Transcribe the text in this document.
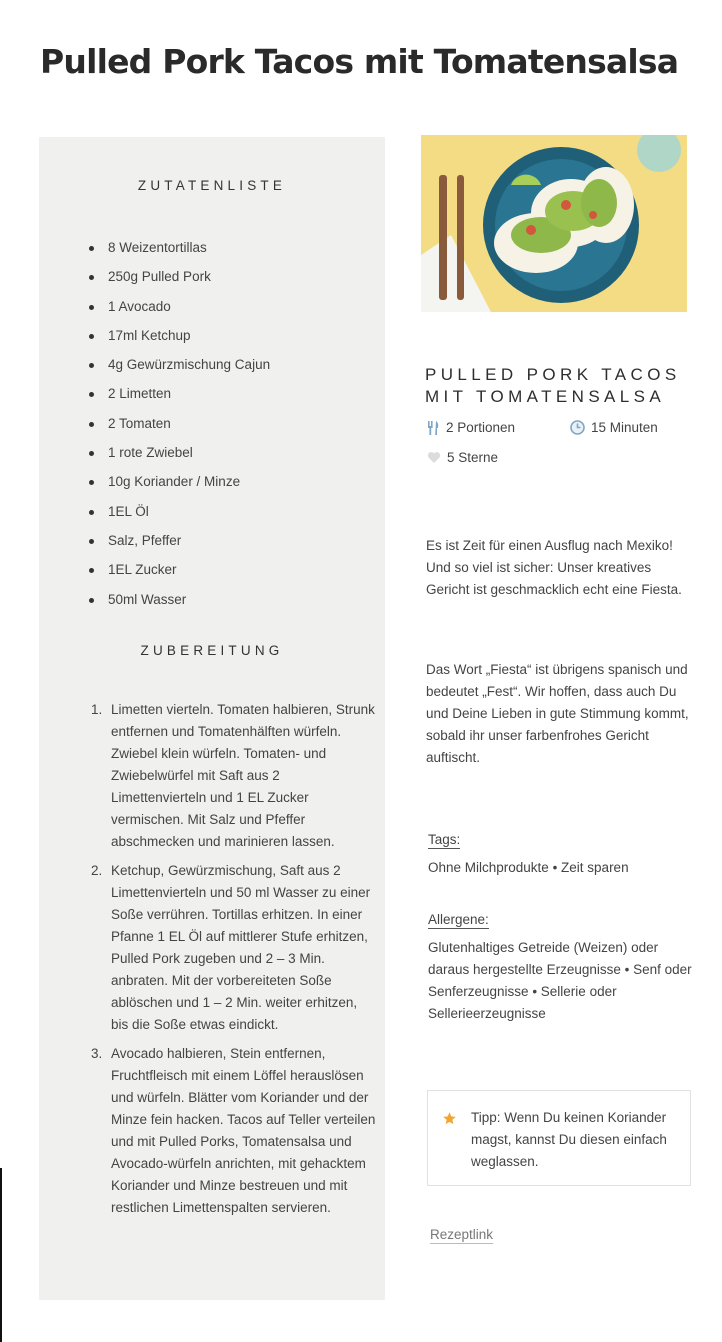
Pulled Pork Tacos mit Tomatensalsa
ZUTATENLISTE
8 Weizentortillas
250g Pulled Pork
1 Avocado
17ml Ketchup
4g Gewürzmischung Cajun
2 Limetten
2 Tomaten
1 rote Zwiebel
10g Koriander / Minze
1EL Öl
Salz, Pfeffer
1EL Zucker
50ml Wasser
ZUBEREITUNG
1. Limetten vierteln. Tomaten halbieren, Strunk entfernen und Tomatenhälften würfeln. Zwiebel klein würfeln. Tomaten- und Zwiebelwürfel mit Saft aus 2 Limettenvierteln und 1 EL Zucker vermischen. Mit Salz und Pfeffer abschmecken und marinieren lassen.
2. Ketchup, Gewürzmischung, Saft aus 2 Limettenvierteln und 50 ml Wasser zu einer Soße verrühren. Tortillas erhitzen. In einer Pfanne 1 EL Öl auf mittlerer Stufe erhitzen, Pulled Pork zugeben und 2 – 3 Min. anbraten. Mit der vorbereiteten Soße ablöschen und 1 – 2 Min. weiter erhitzen, bis die Soße etwas eindickt.
3. Avocado halbieren, Stein entfernen, Fruchtfleisch mit einem Löffel herauslösen und würfeln. Blätter vom Koriander und der Minze fein hacken. Tacos auf Teller verteilen und mit Pulled Porks, Tomatensalsa und Avocado-würfeln anrichten, mit gehacktem Koriander und Minze bestreuen und mit restlichen Limettenspalten servieren.
PULLED PORK TACOS MIT TOMATENSALSA
2 Portionen	15 Minuten
5 Sterne

Es ist Zeit für einen Ausflug nach Mexiko! Und so viel ist sicher: Unser kreatives Gericht ist geschmacklich echt eine Fiesta.

Das Wort „Fiesta“ ist übrigens spanisch und bedeutet „Fest“. Wir hoffen, dass auch Du und Deine Lieben in gute Stimmung kommt, sobald ihr unser farbenfrohes Gericht auftischt.

Tags:

Ohne Milchprodukte • Zeit sparen

Allergene:

Glutenhaltiges Getreide (Weizen) oder daraus hergestellte Erzeugnisse • Senf oder Senferzeugnisse • Sellerie oder Sellerieerzeugnisse

Tipp: Wenn Du keinen Koriander magst, kannst Du diesen einfach weglassen.

Rezeptlink
